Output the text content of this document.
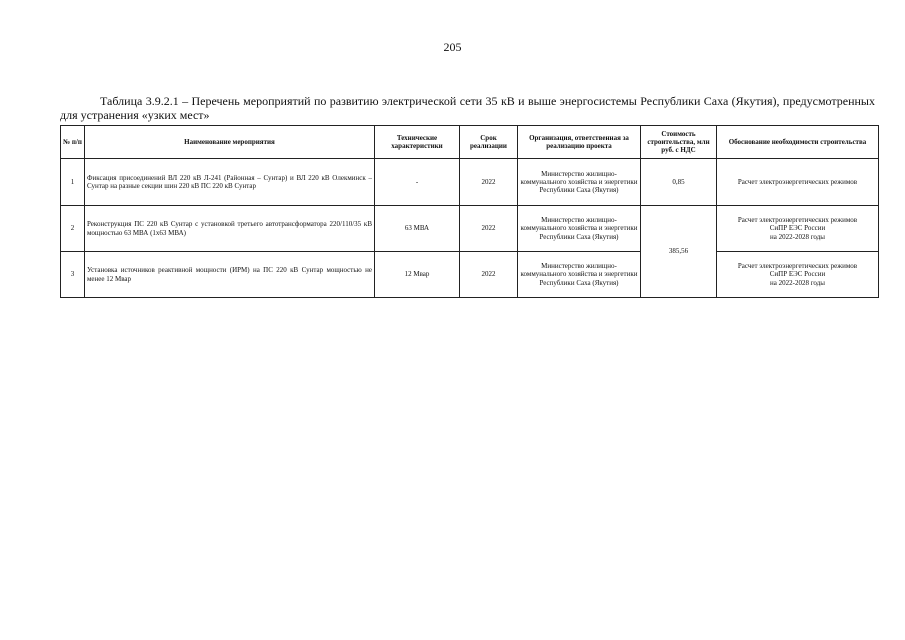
205
Таблица 3.9.2.1 – Перечень мероприятий по развитию электрической сети 35 кВ и выше энергосистемы Республики Саха (Якутия), предусмотренных для устранения «узких мест»
№ п/п	Наименование мероприятия	Технические характеристики	Срок реализации	Организация, ответственная за реализацию проекта	Стоимость строительства, млн руб. с НДС	Обоснование необходимости строительства
1	Фиксация присоединений ВЛ 220 кВ Л-241 (Районная – Сунтар) и ВЛ 220 кВ Олекминск – Сунтар на разные секции шин 220 кВ ПС 220 кВ Сунтар	-	2022	Министерство жилищно-коммунального хозяйства и энергетики Республики Саха (Якутия)	0,85	Расчет электроэнергетических режимов

2	Реконструкция ПС 220 кВ Сунтар с установкой третьего автотрансформатора 220/110/35 кВ мощностью 63 МВА (1х63 МВА)	63 МВА	2022	Министерство жилищно-коммунального хозяйства и энергетики Республики Саха (Якутия)	385,56	Расчет электроэнергетических режимов
СиПР ЕЭС России
на 2022-2028 годы

3	Установка источников реактивной мощности (ИРМ) на ПС 220 кВ Сунтар мощностью не менее 12 Мвар	12 Мвар	2022	Министерство жилищно-коммунального хозяйства и энергетики Республики Саха (Якутия)		Расчет электроэнергетических режимов
СиПР ЕЭС России
на 2022-2028 годы
